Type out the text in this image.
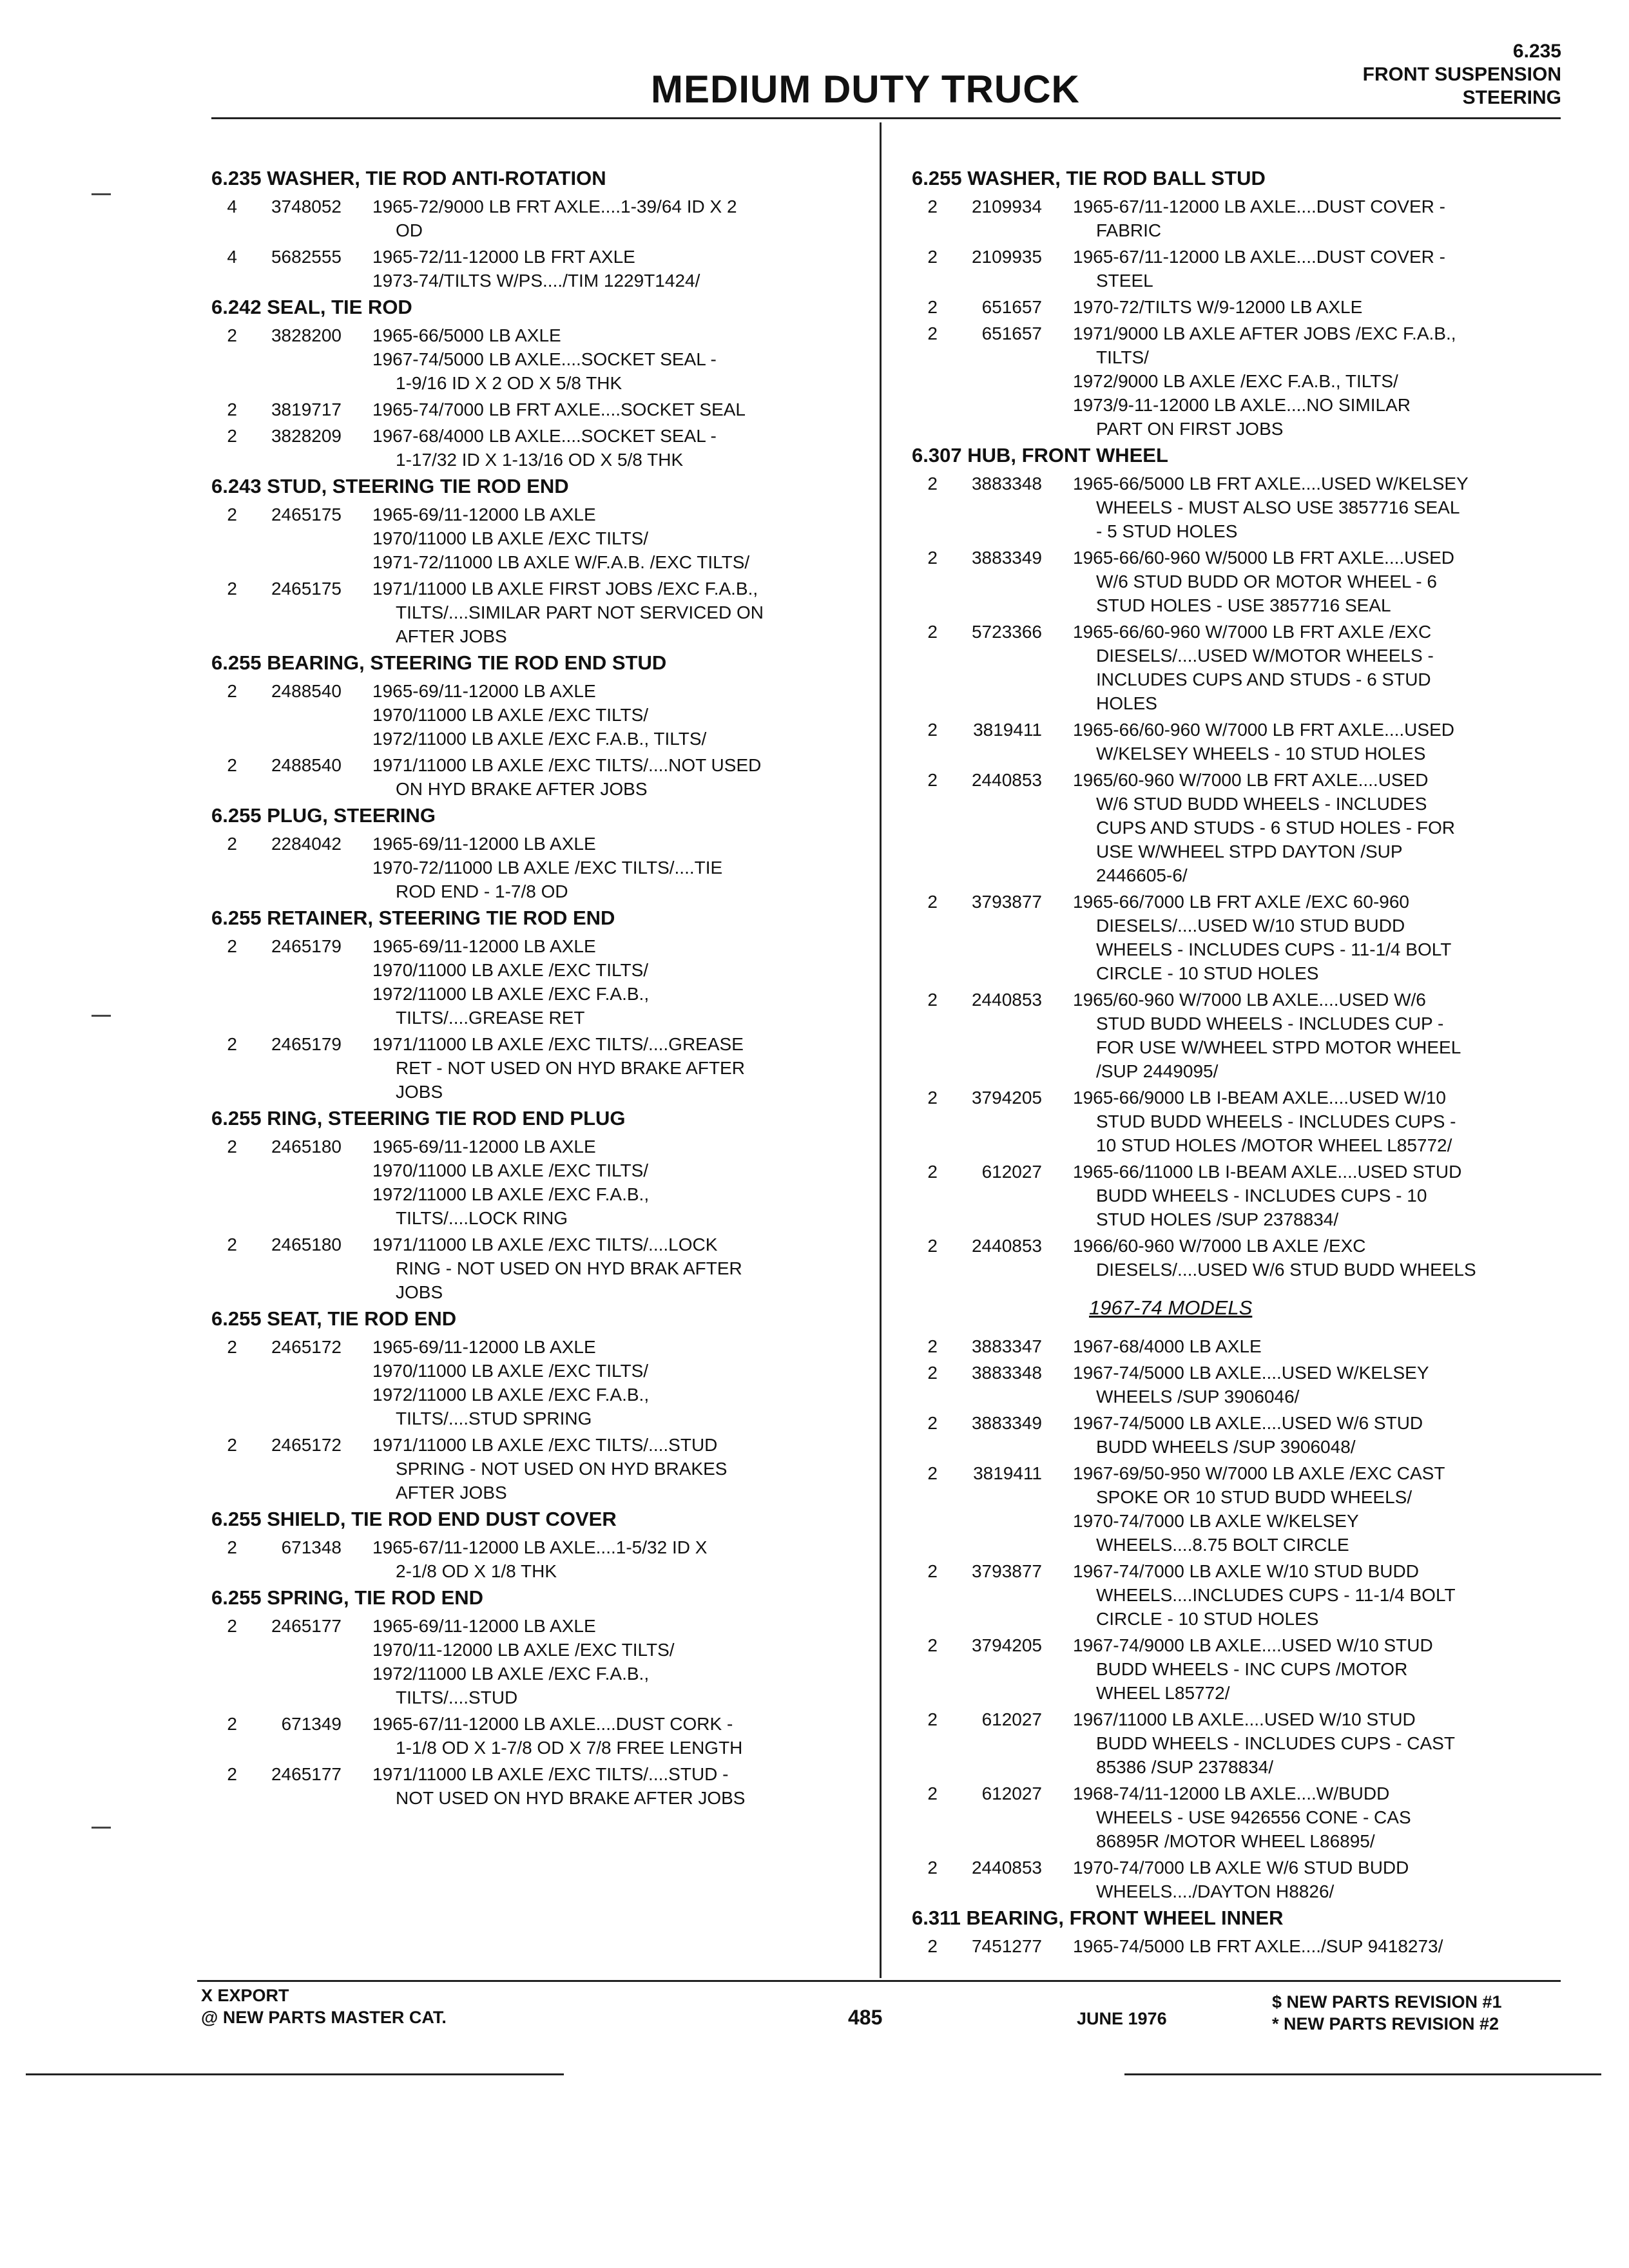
MEDIUM DUTY TRUCK
6.235
FRONT SUSPENSION
STEERING
6.235 WASHER, TIE ROD ANTI-ROTATION
4	3748052	1965-72/9000 LB FRT AXLE....1-39/64 ID X 2
OD
4	5682555	1965-72/11-12000 LB FRT AXLE
1973-74/TILTS W/PS..../TIM 1229T1424/
6.242 SEAL, TIE ROD
2	3828200	1965-66/5000 LB AXLE
1967-74/5000 LB AXLE....SOCKET SEAL -
1-9/16 ID X 2 OD X 5/8 THK
2	3819717	1965-74/7000 LB FRT AXLE....SOCKET SEAL
2	3828209	1967-68/4000 LB AXLE....SOCKET SEAL -
1-17/32 ID X 1-13/16 OD X 5/8 THK
6.243 STUD, STEERING TIE ROD END
2	2465175	1965-69/11-12000 LB AXLE
1970/11000 LB AXLE /EXC TILTS/
1971-72/11000 LB AXLE W/F.A.B. /EXC TILTS/
2	2465175	1971/11000 LB AXLE FIRST JOBS /EXC F.A.B.,
TILTS/....SIMILAR PART NOT SERVICED ON
AFTER JOBS
6.255 BEARING, STEERING TIE ROD END STUD
2	2488540	1965-69/11-12000 LB AXLE
1970/11000 LB AXLE /EXC TILTS/
1972/11000 LB AXLE /EXC F.A.B., TILTS/
2	2488540	1971/11000 LB AXLE /EXC TILTS/....NOT USED
ON HYD BRAKE AFTER JOBS
6.255 PLUG, STEERING
2	2284042	1965-69/11-12000 LB AXLE
1970-72/11000 LB AXLE /EXC TILTS/....TIE
ROD END - 1-7/8 OD
6.255 RETAINER, STEERING TIE ROD END
2	2465179	1965-69/11-12000 LB AXLE
1970/11000 LB AXLE /EXC TILTS/
1972/11000 LB AXLE /EXC F.A.B.,
TILTS/....GREASE RET
2	2465179	1971/11000 LB AXLE /EXC TILTS/....GREASE
RET - NOT USED ON HYD BRAKE AFTER
JOBS
6.255 RING, STEERING TIE ROD END PLUG
2	2465180	1965-69/11-12000 LB AXLE
1970/11000 LB AXLE /EXC TILTS/
1972/11000 LB AXLE /EXC F.A.B.,
TILTS/....LOCK RING
2	2465180	1971/11000 LB AXLE /EXC TILTS/....LOCK
RING - NOT USED ON HYD BRAK AFTER
JOBS
6.255 SEAT, TIE ROD END
2	2465172	1965-69/11-12000 LB AXLE
1970/11000 LB AXLE /EXC TILTS/
1972/11000 LB AXLE /EXC F.A.B.,
TILTS/....STUD SPRING
2	2465172	1971/11000 LB AXLE /EXC TILTS/....STUD
SPRING - NOT USED ON HYD BRAKES
AFTER JOBS
6.255 SHIELD, TIE ROD END DUST COVER
2	671348	1965-67/11-12000 LB AXLE....1-5/32 ID X
2-1/8 OD X 1/8 THK
6.255 SPRING, TIE ROD END
2	2465177	1965-69/11-12000 LB AXLE
1970/11-12000 LB AXLE /EXC TILTS/
1972/11000 LB AXLE /EXC F.A.B.,
TILTS/....STUD
2	671349	1965-67/11-12000 LB AXLE....DUST CORK -
1-1/8 OD X 1-7/8 OD X 7/8 FREE LENGTH
2	2465177	1971/11000 LB AXLE /EXC TILTS/....STUD -
NOT USED ON HYD BRAKE AFTER JOBS
6.255 WASHER, TIE ROD BALL STUD
2	2109934	1965-67/11-12000 LB AXLE....DUST COVER -
FABRIC
2	2109935	1965-67/11-12000 LB AXLE....DUST COVER -
STEEL
2	651657	1970-72/TILTS W/9-12000 LB AXLE
2	651657	1971/9000 LB AXLE AFTER JOBS /EXC F.A.B.,
TILTS/
1972/9000 LB AXLE /EXC F.A.B., TILTS/
1973/9-11-12000 LB AXLE....NO SIMILAR
PART ON FIRST JOBS
6.307 HUB, FRONT WHEEL
2	3883348	1965-66/5000 LB FRT AXLE....USED W/KELSEY
WHEELS - MUST ALSO USE 3857716 SEAL
- 5 STUD HOLES
2	3883349	1965-66/60-960 W/5000 LB FRT AXLE....USED
W/6 STUD BUDD OR MOTOR WHEEL - 6
STUD HOLES - USE 3857716 SEAL
2	5723366	1965-66/60-960 W/7000 LB FRT AXLE /EXC
DIESELS/....USED W/MOTOR WHEELS -
INCLUDES CUPS AND STUDS - 6 STUD
HOLES
2	3819411	1965-66/60-960 W/7000 LB FRT AXLE....USED
W/KELSEY WHEELS - 10 STUD HOLES
2	2440853	1965/60-960 W/7000 LB FRT AXLE....USED
W/6 STUD BUDD WHEELS - INCLUDES
CUPS AND STUDS - 6 STUD HOLES - FOR
USE W/WHEEL STPD DAYTON /SUP
2446605-6/
2	3793877	1965-66/7000 LB FRT AXLE /EXC 60-960
DIESELS/....USED W/10 STUD BUDD
WHEELS - INCLUDES CUPS - 11-1/4 BOLT
CIRCLE - 10 STUD HOLES
2	2440853	1965/60-960 W/7000 LB AXLE....USED W/6
STUD BUDD WHEELS - INCLUDES CUP -
FOR USE W/WHEEL STPD MOTOR WHEEL
/SUP 2449095/
2	3794205	1965-66/9000 LB I-BEAM AXLE....USED W/10
STUD BUDD WHEELS - INCLUDES CUPS -
10 STUD HOLES /MOTOR WHEEL L85772/
2	612027	1965-66/11000 LB I-BEAM AXLE....USED STUD
BUDD WHEELS - INCLUDES CUPS - 10
STUD HOLES /SUP 2378834/
2	2440853	1966/60-960 W/7000 LB AXLE /EXC
DIESELS/....USED W/6 STUD BUDD WHEELS
1967-74 MODELS
2	3883347	1967-68/4000 LB AXLE
2	3883348	1967-74/5000 LB AXLE....USED W/KELSEY
WHEELS /SUP 3906046/
2	3883349	1967-74/5000 LB AXLE....USED W/6 STUD
BUDD WHEELS /SUP 3906048/
2	3819411	1967-69/50-950 W/7000 LB AXLE /EXC CAST
SPOKE OR 10 STUD BUDD WHEELS/
1970-74/7000 LB AXLE W/KELSEY
WHEELS....8.75 BOLT CIRCLE
2	3793877	1967-74/7000 LB AXLE W/10 STUD BUDD
WHEELS....INCLUDES CUPS - 11-1/4 BOLT
CIRCLE - 10 STUD HOLES
2	3794205	1967-74/9000 LB AXLE....USED W/10 STUD
BUDD WHEELS - INC CUPS /MOTOR
WHEEL L85772/
2	612027	1967/11000 LB AXLE....USED W/10 STUD
BUDD WHEELS - INCLUDES CUPS - CAST
85386 /SUP 2378834/
2	612027	1968-74/11-12000 LB AXLE....W/BUDD
WHEELS - USE 9426556 CONE - CAS
86895R /MOTOR WHEEL L86895/
2	2440853	1970-74/7000 LB AXLE W/6 STUD BUDD
WHEELS..../DAYTON H8826/
6.311 BEARING, FRONT WHEEL INNER
2	7451277	1965-74/5000 LB FRT AXLE..../SUP 9418273/
X EXPORT
@ NEW PARTS MASTER CAT.	485	JUNE 1976
$ NEW PARTS REVISION #1
* NEW PARTS REVISION #2
